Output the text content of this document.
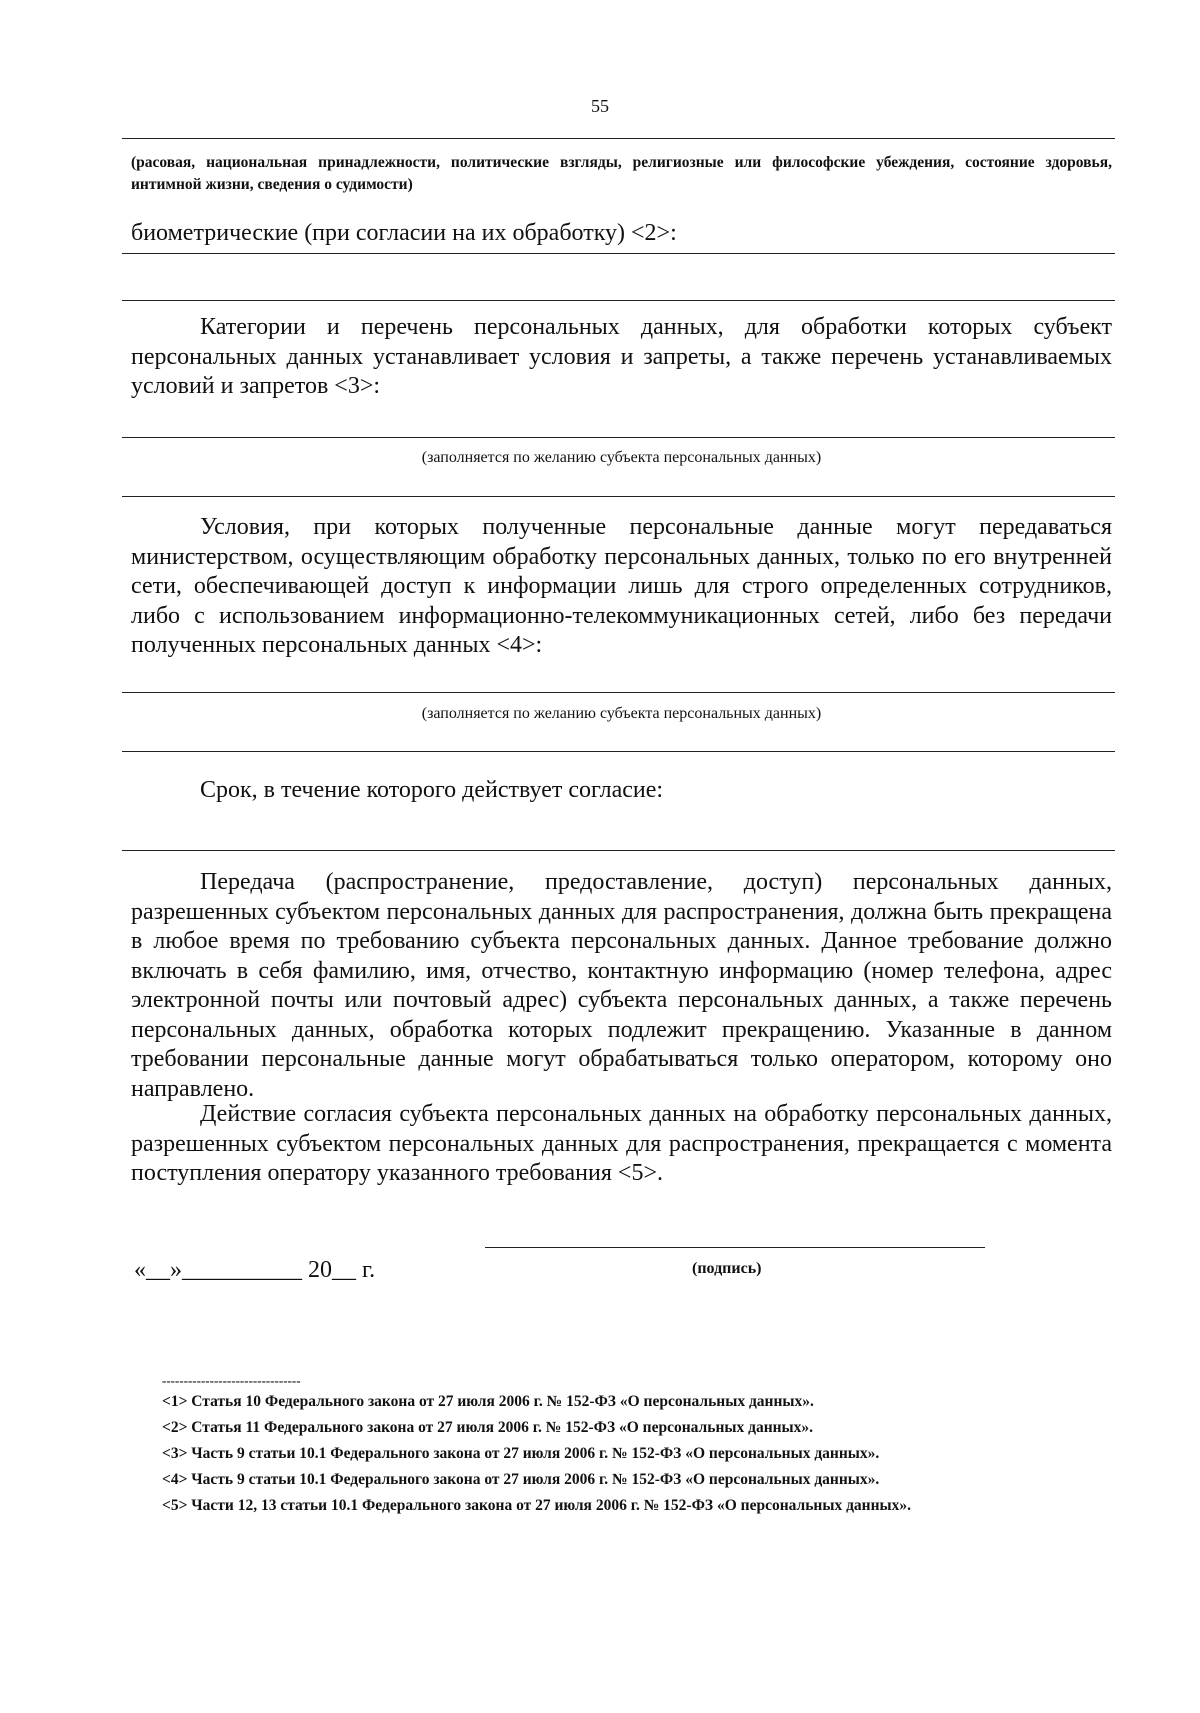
55

(расовая, национальная принадлежности, политические взгляды, религиозные или философские убеждения, состояние здоровья, интимной жизни, сведения о судимости)

биометрические (при согласии на их обработку) <2>:

Категории и перечень персональных данных, для обработки которых субъект персональных данных устанавливает условия и запреты, а также перечень устанавливаемых условий и запретов <3>:

(заполняется по желанию субъекта персональных данных)

Условия, при которых полученные персональные данные могут передаваться министерством, осуществляющим обработку персональных данных, только по его внутренней сети, обеспечивающей доступ к информации лишь для строго определенных сотрудников, либо с использованием информационно-телекоммуникационных сетей, либо без передачи полученных персональных данных <4>:

(заполняется по желанию субъекта персональных данных)
Срок, в течение которого действует согласие:

Передача (распространение, предоставление, доступ) персональных данных, разрешенных субъектом персональных данных для распространения, должна быть прекращена в любое время по требованию субъекта персональных данных. Данное требование должно включать в себя фамилию, имя, отчество, контактную информацию (номер телефона, адрес электронной почты или почтовый адрес) субъекта персональных данных, а также перечень персональных данных, обработка которых подлежит прекращению. Указанные в данном требовании персональные данные могут обрабатываться только оператором, которому оно направлено.

Действие согласия субъекта персональных данных на обработку персональных данных, разрешенных субъектом персональных данных для распространения, прекращается с момента поступления оператору указанного требования <5>.

«__»__________ 20__ г.	(подпись)
--------------------------------
<1> Статья 10 Федерального закона от 27 июля 2006 г. № 152-ФЗ «О персональных данных».
<2> Статья 11 Федерального закона от 27 июля 2006 г. № 152-ФЗ «О персональных данных».
<3> Часть 9 статьи 10.1 Федерального закона от 27 июля 2006 г. № 152-ФЗ «О персональных данных».
<4> Часть 9 статьи 10.1 Федерального закона от 27 июля 2006 г. № 152-ФЗ «О персональных данных».
<5> Части 12, 13 статьи 10.1 Федерального закона от 27 июля 2006 г. № 152-ФЗ «О персональных данных».
